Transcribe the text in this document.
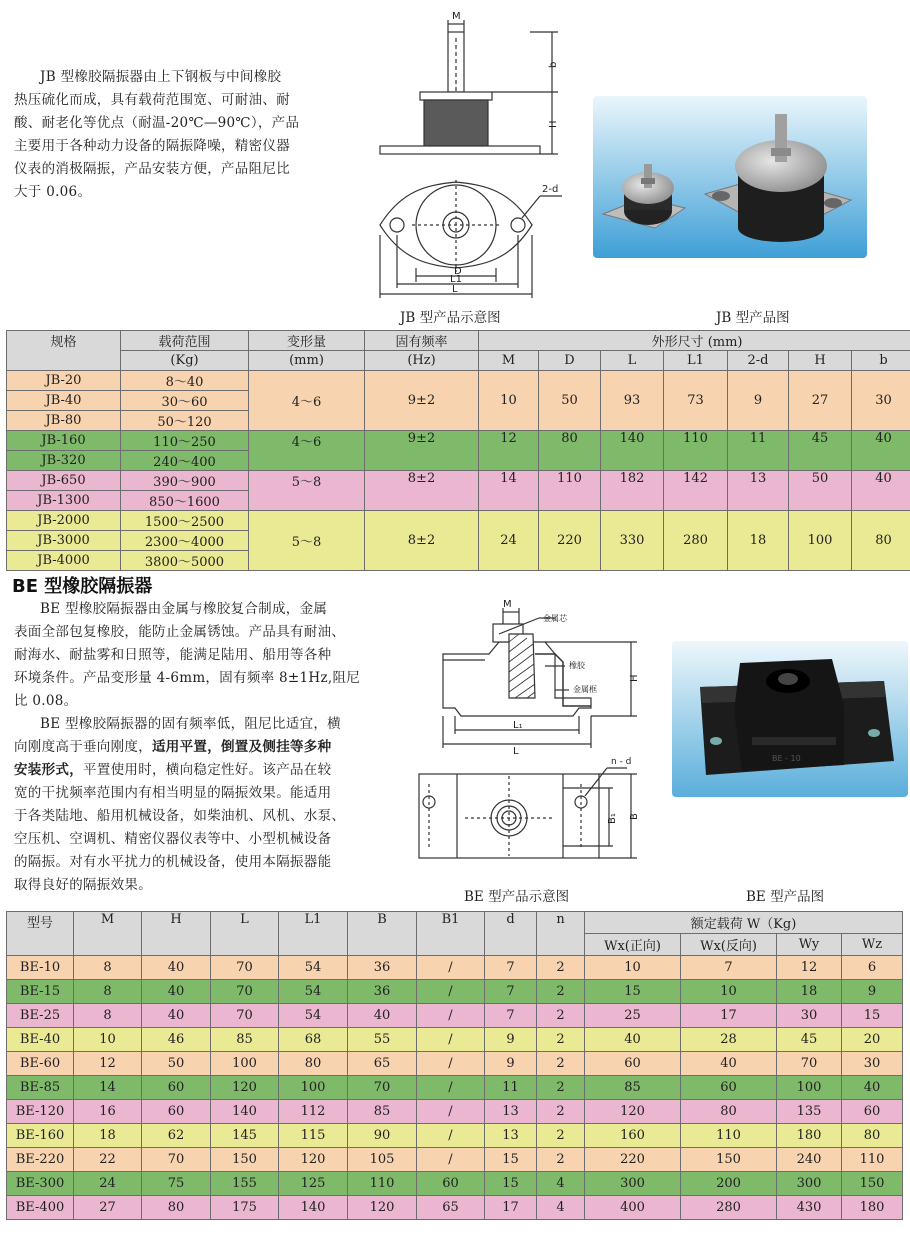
JB 型橡胶隔振器由上下钢板与中间橡胶

热压硫化而成，具有载荷范围宽、可耐油、耐

酸、耐老化等优点（耐温-20℃—90℃），产品

主要用于各种动力设备的隔振降噪，精密仪器

仪表的消极隔振，产品安装方便，产品阻尼比

大于 0.06。

M
b
H
2-d
D
L1
L
JB 型产品示意图	JB 型产品图
规格	载荷范围	变形量	固有频率	外形尺寸 (mm)						
	(Kg)	(mm)	(Hz)	M	D	L	L1	2-d	H	b
JB-20	8～40	4～6	9±2	10	50	93	73	9	27	30
JB-40	30～60									
JB-80	50～120									
JB-160	110～250	4～6	9±2	12	80	140	110	11	45	40
JB-320	240～400									
JB-650	390～900	5～8	8±2	14	110	182	142	13	50	40
JB-1300	850～1600									
JB-2000	1500～2500	5～8	8±2	24	220	330	280	18	100	80
JB-3000	2300～4000									
JB-4000	3800～5000									
BE 型橡胶隔振器

BE 型橡胶隔振器由金属与橡胶复合制成，金属

表面全部包复橡胶，能防止金属锈蚀。产品具有耐油、

耐海水、耐盐雾和日照等，能满足陆用、船用等各种

环境条件。产品变形量 4-6mm，固有频率 8±1Hz,阻尼

比 0.08。

BE 型橡胶隔振器的固有频率低，阻尼比适宜，横

向刚度高于垂向刚度，适用平置，倒置及侧挂等多种

安装形式，平置使用时，横向稳定性好。该产品在较

宽的干扰频率范围内有相当明显的隔振效果。能适用

于各类陆地、船用机械设备，如柴油机、风机、水泵、

空压机、空调机、精密仪器仪表等中、小型机械设备

的隔振。对有水平扰力的机械设备，使用本隔振器能

取得良好的隔振效果。

M
金属芯
橡胶
金属框
H
L₁
L
n - d
B₁ B
BE - 10
BE 型产品示意图	BE 型产品图
型号	M	H	L	L1	B	B1	d	n	额定载荷 W（Kg)			
									Wx(正向)	Wx(反向)	Wy	Wz
BE-10	8	40	70	54	36	/	7	2	10	7	12	6
BE-15	8	40	70	54	36	/	7	2	15	10	18	9
BE-25	8	40	70	54	40	/	7	2	25	17	30	15
BE-40	10	46	85	68	55	/	9	2	40	28	45	20
BE-60	12	50	100	80	65	/	9	2	60	40	70	30
BE-85	14	60	120	100	70	/	11	2	85	60	100	40
BE-120	16	60	140	112	85	/	13	2	120	80	135	60
BE-160	18	62	145	115	90	/	13	2	160	110	180	80
BE-220	22	70	150	120	105	/	15	2	220	150	240	110
BE-300	24	75	155	125	110	60	15	4	300	200	300	150
BE-400	27	80	175	140	120	65	17	4	400	280	430	180
